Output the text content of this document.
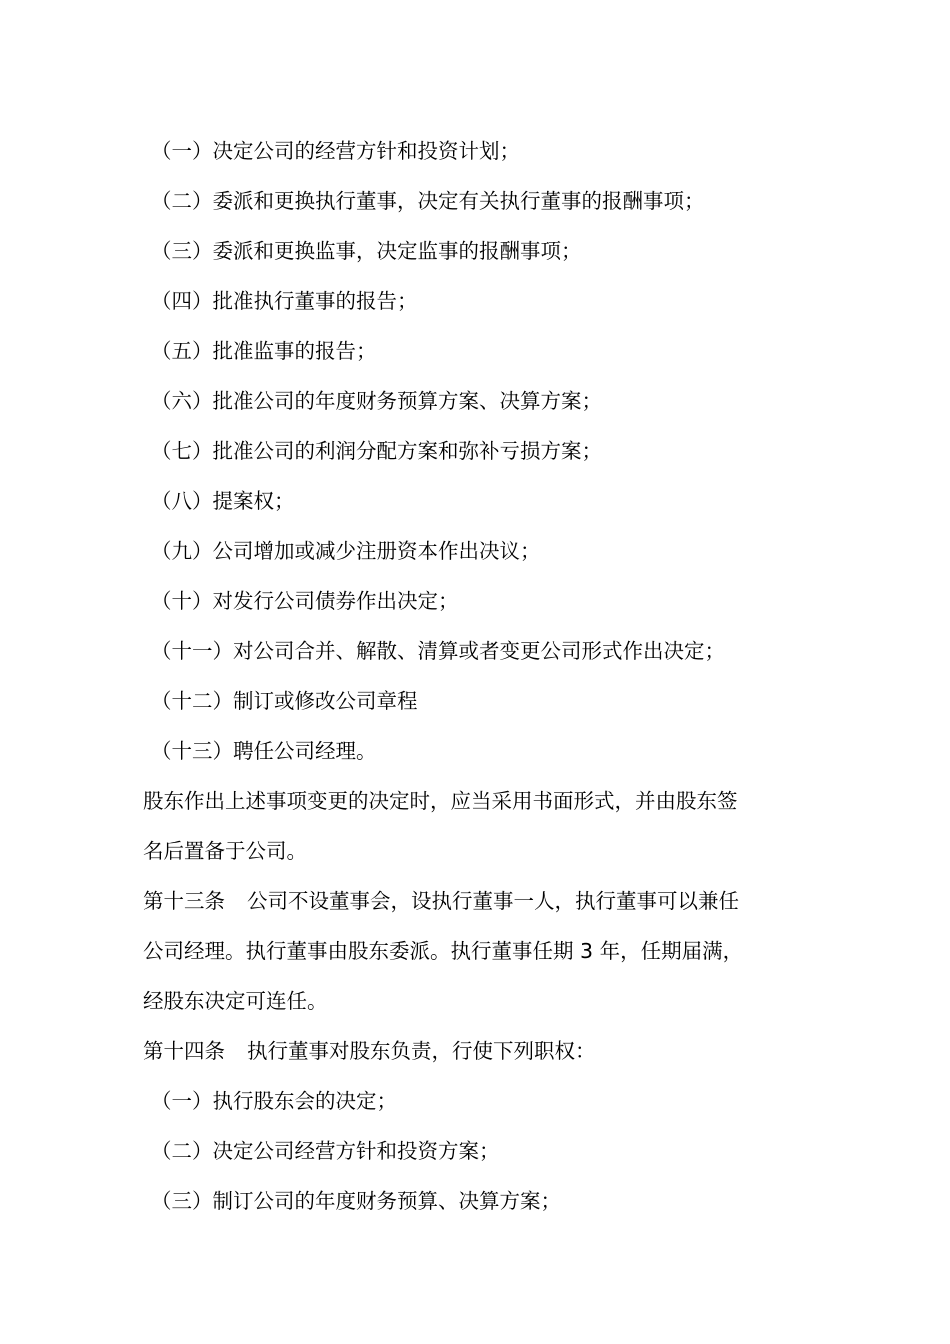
（一）决定公司的经营方针和投资计划；
（二）委派和更换执行董事，决定有关执行董事的报酬事项；
（三）委派和更换监事，决定监事的报酬事项；
（四）批准执行董事的报告；
（五）批准监事的报告；
（六）批准公司的年度财务预算方案、决算方案；
（七）批准公司的利润分配方案和弥补亏损方案；
（八）提案权；
（九）公司增加或减少注册资本作出决议；
（十）对发行公司债券作出决定；
（十一）对公司合并、解散、清算或者变更公司形式作出决定；
（十二）制订或修改公司章程
（十三）聘任公司经理。
股东作出上述事项变更的决定时，应当采用书面形式，并由股东签
名后置备于公司。
第十三条 公司不设董事会，设执行董事一人，执行董事可以兼任
公司经理。执行董事由股东委派。执行董事任期 3 年，任期届满，
经股东决定可连任。
第十四条 执行董事对股东负责，行使下列职权：
（一）执行股东会的决定；
（二）决定公司经营方针和投资方案；
（三）制订公司的年度财务预算、决算方案；
